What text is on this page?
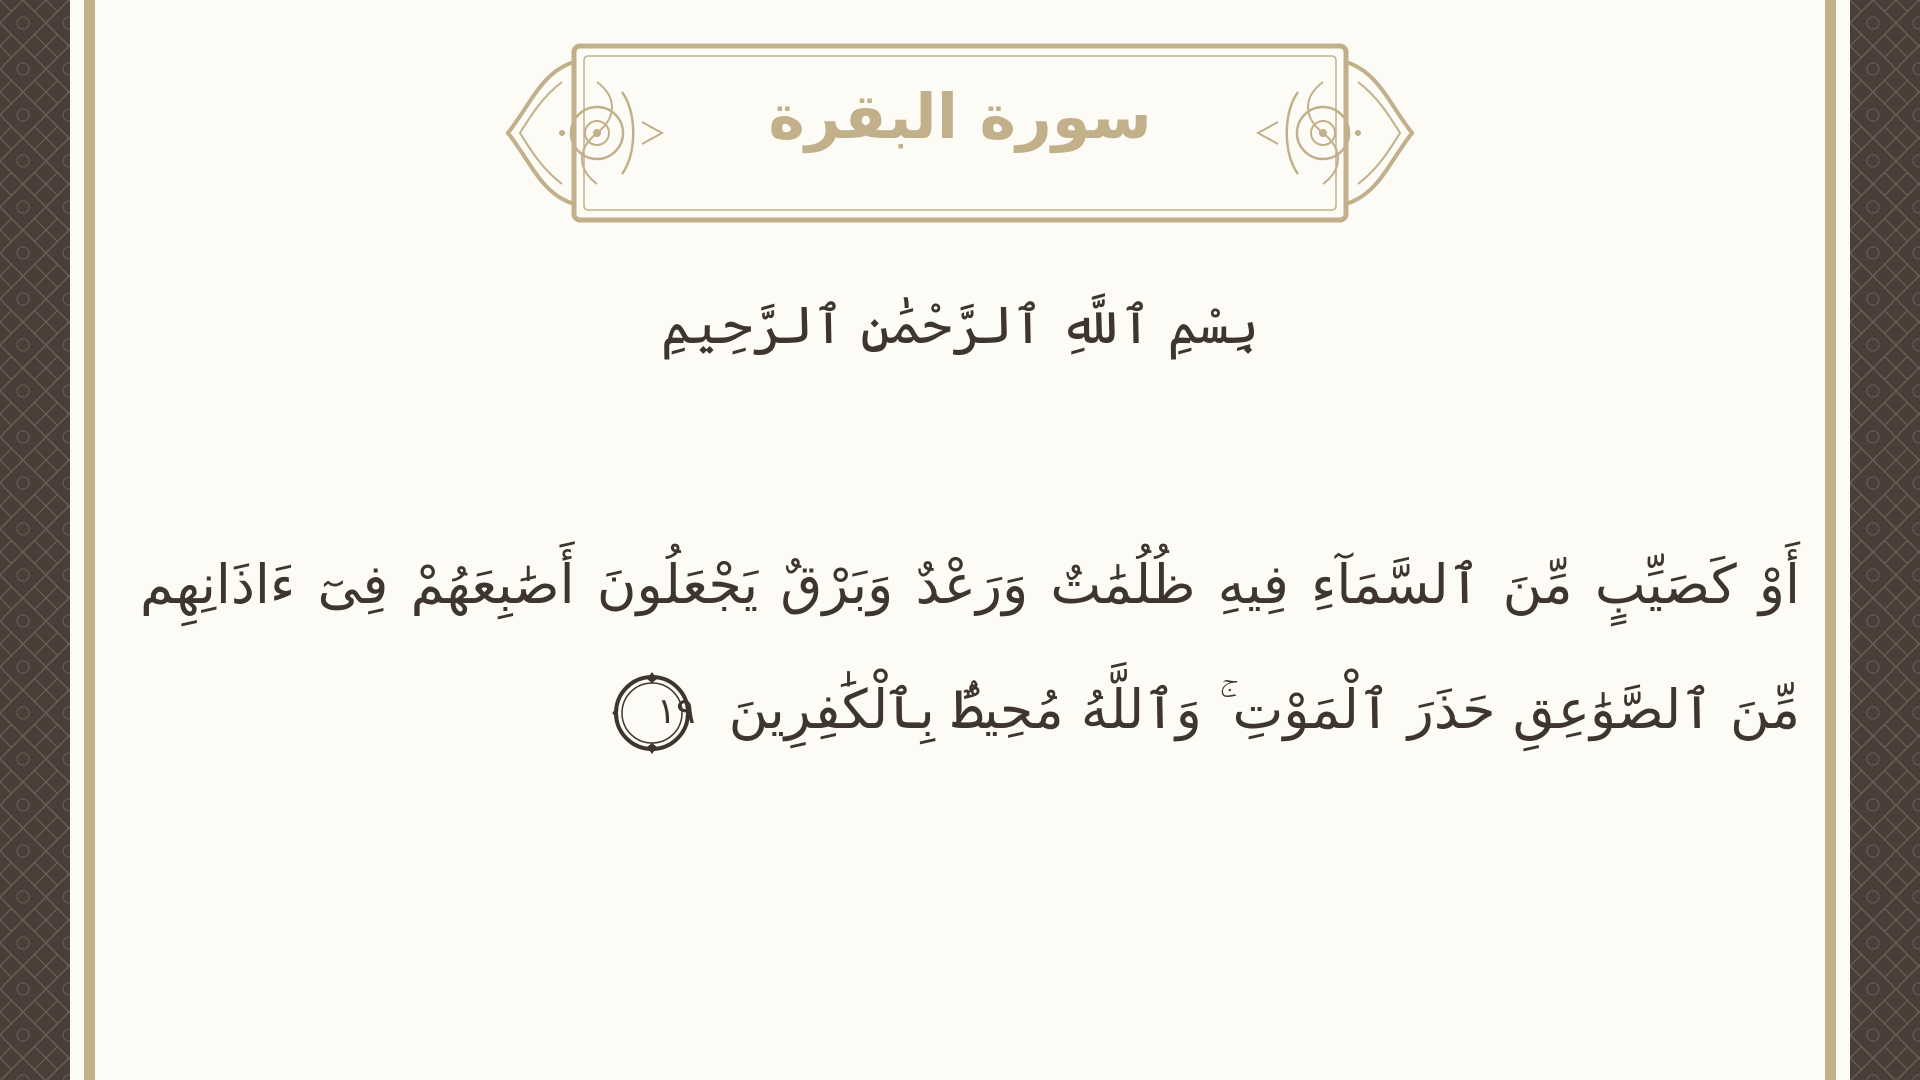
سورة البقرة
بِسْمِ ٱللَّهِ ٱلرَّحْمَٰنِ ٱلرَّحِيمِ
أَوْ كَصَيِّبٍ مِّنَ ٱلسَّمَآءِ فِيهِ ظُلُمَٰتٌ وَرَعْدٌ وَبَرْقٌ يَجْعَلُونَ أَصَٰبِعَهُمْ فِىٓ ءَاذَانِهِم مِّنَ ٱلصَّوَٰعِقِ حَذَرَ ٱلْمَوْتِ ۚ وَٱللَّهُ مُحِيطٌۢ بِٱلْكَٰفِرِينَ
١٩
